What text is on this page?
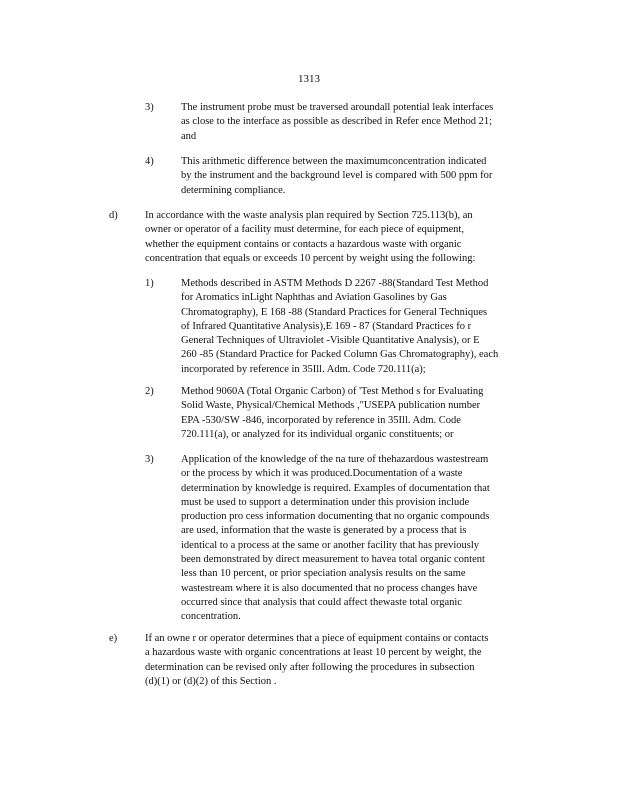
1313
3)	The instrument probe must be traversed aroundall potential leak interfaces
as close to the interface as possible as described in Refer ence Method 21;
and
4)	This arithmetic difference between the maximumconcentration indicated
by the instrument and the background level is compared with 500 ppm for
determining compliance.
d)	In accordance with the waste analysis plan required by Section 725.113(b), an
owner or operator of a facility must determine, for each piece of equipment,
whether the equipment contains or contacts a hazardous waste with organic
concentration that equals or exceeds 10 percent by weight using the following:
1)	Methods described in ASTM Methods D 2267 -88(Standard Test Method
for Aromatics inLight Naphthas and Aviation Gasolines by Gas
Chromatography), E 168 -88 (Standard Practices for General Techniques
of Infrared Quantitative Analysis),E 169 - 87 (Standard Practices fo r
General Techniques of Ultraviolet -Visible Quantitative Analysis), or E
260 -85 (Standard Practice for Packed Column Gas Chromatography), each
incorporated by reference in 35Ill. Adm. Code 720.111(a);
2)	Method 9060A (Total Organic Carbon) of 'Test Method s for Evaluating
Solid Waste, Physical/Chemical Methods ,"USEPA publication number
EPA -530/SW -846, incorporated by reference in 35Ill. Adm. Code
720.111(a), or analyzed for its individual organic constituents; or
3)	Application of the knowledge of the na ture of thehazardous wastestream
or the process by which it was produced.Documentation of a waste
determination by knowledge is required. Examples of documentation that
must be used to support a determination under this provision include
production pro cess information documenting that no organic compounds
are used, information that the waste is generated by a process that is
identical to a process at the same or another facility that has previously
been demonstrated by direct measurement to havea total organic content
less than 10 percent, or prior speciation analysis results on the same
wastestream where it is also documented that no process changes have
occurred since that analysis that could affect thewaste total organic
concentration.
e)	If an owne r or operator determines that a piece of equipment contains or contacts
a hazardous waste with organic concentrations at least 10 percent by weight, the
determination can be revised only after following the procedures in subsection
(d)(1) or (d)(2) of this Section .
